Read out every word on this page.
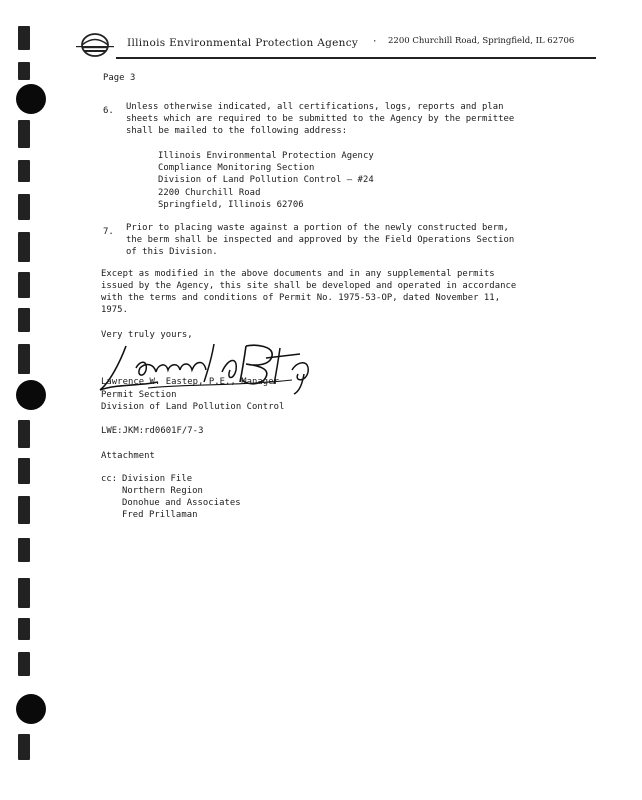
Illinois Environmental Protection Agency · 2200 Churchill Road, Springfield, IL 62706
Page 3
6. Unless otherwise indicated, all certifications, logs, reports and plan
sheets which are required to be submitted to the Agency by the permittee
shall be mailed to the following address:
Illinois Environmental Protection Agency
Compliance Monitoring Section
Division of Land Pollution Control — #24
2200 Churchill Road
Springfield, Illinois 62706
7. Prior to placing waste against a portion of the newly constructed berm,
the berm shall be inspected and approved by the Field Operations Section
of this Division.
Except as modified in the above documents and in any supplemental permits
issued by the Agency, this site shall be developed and operated in accordance
with the terms and conditions of Permit No. 1975-53-OP, dated November 11,
1975.
Very truly yours,
Lawrence W. Eastep, P.E., Manager
Permit Section
Division of Land Pollution Control
LWE:JKM:rd0601F/7-3
Attachment
cc: Division File
Northern Region
Donohue and Associates
Fred Prillaman
